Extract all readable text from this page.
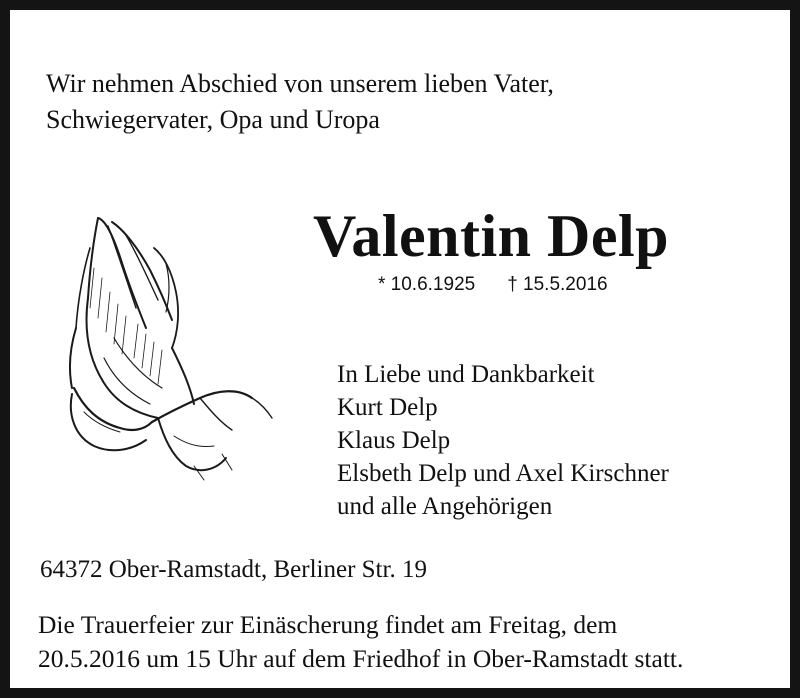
Wir nehmen Abschied von unserem lieben Vater,
Schwiegervater, Opa und Uropa
Valentin Delp
* 10.6.1925 † 15.5.2016
In Liebe und Dankbarkeit
Kurt Delp
Klaus Delp
Elsbeth Delp und Axel Kirschner
und alle Angehörigen
64372 Ober-Ramstadt, Berliner Str. 19
Die Trauerfeier zur Einäscherung findet am Freitag, dem
20.5.2016 um 15 Uhr auf dem Friedhof in Ober-Ramstadt statt.
